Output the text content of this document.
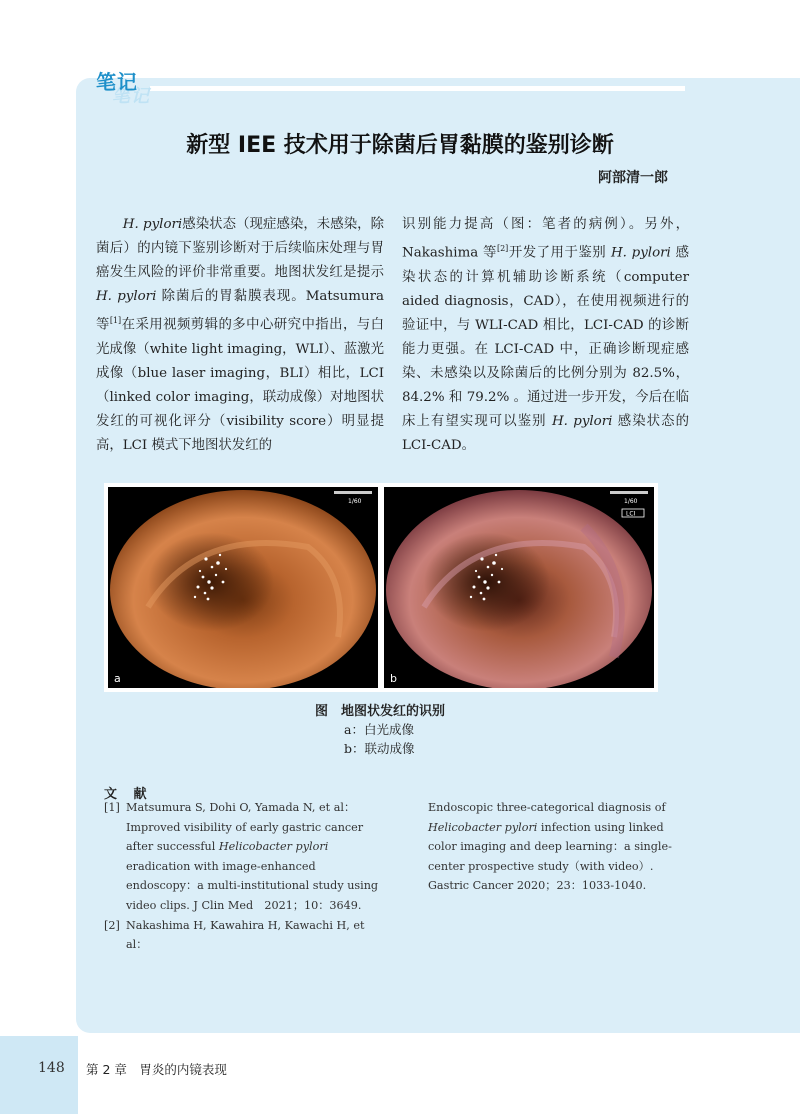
笔记
笔记
新型 IEE 技术用于除菌后胃黏膜的鉴别诊断
阿部清一郎

H. pylori感染状态（现症感染，未感染，除菌后）的内镜下鉴别诊断对于后续临床处理与胃癌发生风险的评价非常重要。地图状发红是提示 H. pylori 除菌后的胃黏膜表现。Matsumura 等[1]在采用视频剪辑的多中心研究中指出，与白光成像（white light imaging，WLI）、蓝激光成像（blue laser imaging，BLI）相比，LCI（linked color imaging，联动成像）对地图状发红的可视化评分（visibility score）明显提高，LCI 模式下地图状发红的

识别能力提高（图：笔者的病例）。另外，Nakashima 等[2]开发了用于鉴别 H. pylori 感染状态的计算机辅助诊断系统（computer aided diagnosis，CAD），在使用视频进行的验证中，与 WLI-CAD 相比，LCI-CAD 的诊断能力更强。在 LCI-CAD 中，正确诊断现症感染、未感染以及除菌后的比例分别为 82.5%，84.2% 和 79.2% 。通过进一步开发，今后在临床上有望实现可以鉴别 H. pylori 感染状态的 LCI-CAD。

1/60
a
1/60
LCI
b
图　地图状发红的识别
a：白光成像
b：联动成像
文 献

[1] Matsumura S, Dohi O, Yamada N, et al：Improved visibility of early gastric cancer after successful Helicobacter pylori eradication with image-enhanced endoscopy：a multi-institutional study using video clips. J Clin Med　2021；10：3649.

[2] Nakashima H, Kawahira H, Kawachi H, et al：

Endoscopic three-categorical diagnosis of Helicobacter pylori infection using linked color imaging and deep learning：a single-center prospective study（with video）. Gastric Cancer 2020；23：1033-1040.

148 第 2 章　胃炎的内镜表现
